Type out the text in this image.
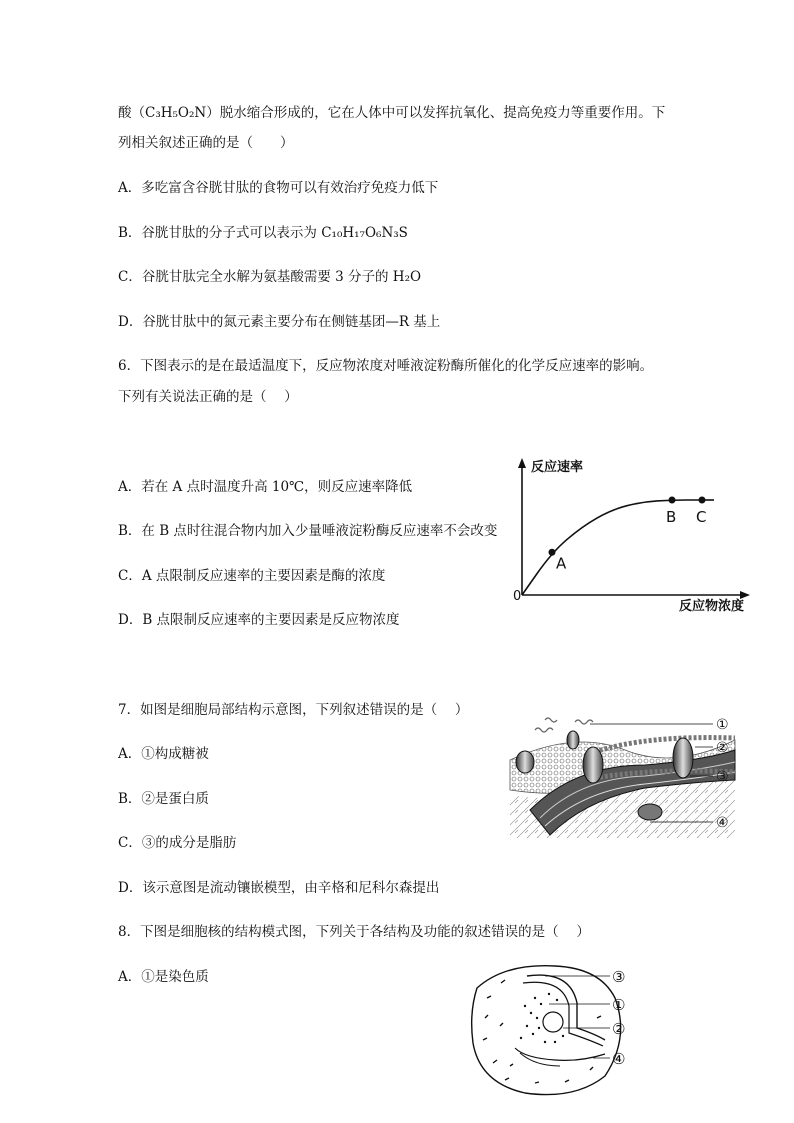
酸（C₃H₅O₂N）脱水缩合形成的，它在人体中可以发挥抗氧化、提高免疫力等重要作用。下
列相关叙述正确的是（　　）
A．多吃富含谷胱甘肽的食物可以有效治疗免疫力低下
B．谷胱甘肽的分子式可以表示为 C₁₀H₁₇O₆N₃S
C．谷胱甘肽完全水解为氨基酸需要 3 分子的 H₂O
D．谷胱甘肽中的氮元素主要分布在侧链基团—R 基上
6．下图表示的是在最适温度下，反应物浓度对唾液淀粉酶所催化的化学反应速率的影响。
下列有关说法正确的是（　 ）
A．若在 A 点时温度升高 10℃，则反应速率降低
B．在 B 点时往混合物内加入少量唾液淀粉酶反应速率不会改变
C．A 点限制反应速率的主要因素是酶的浓度
D．B 点限制反应速率的主要因素是反应物浓度
反应速率
反应物浓度
0
A
B C
7．如图是细胞局部结构示意图，下列叙述错误的是（　 ）
A．①构成糖被
B．②是蛋白质
C．③的成分是脂肪
D．该示意图是流动镶嵌模型，由辛格和尼科尔森提出
①
②
③
④
8．下图是细胞核的结构模式图，下列关于各结构及功能的叙述错误的是（　 ）
A．①是染色质	③
①
②
④
